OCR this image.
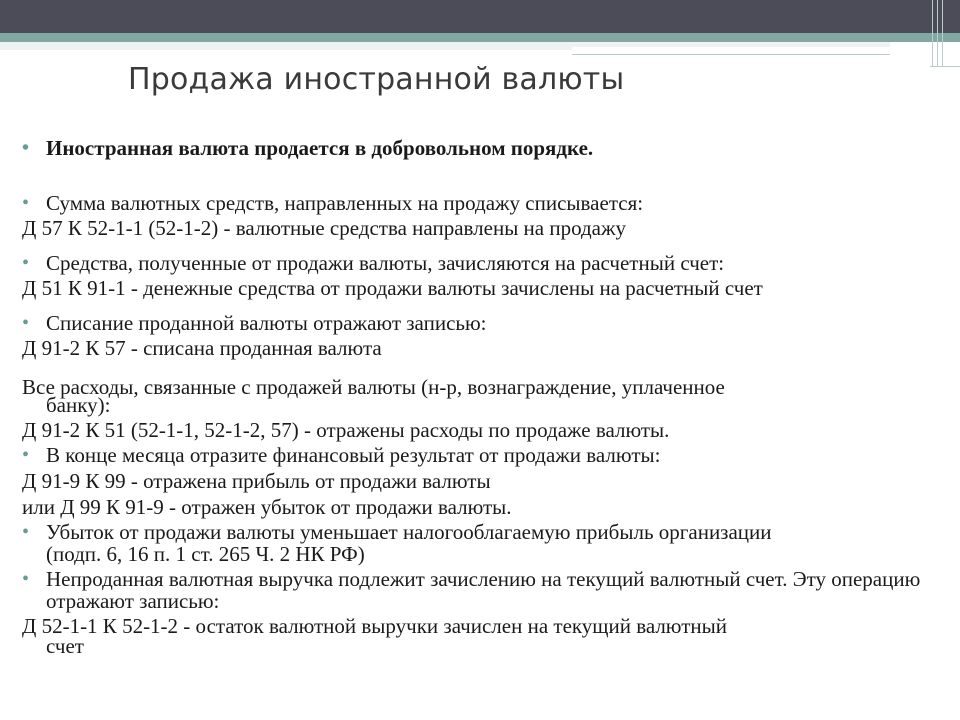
Продажа иностранной валюты
• Иностранная валюта продается в добровольном порядке.
• Сумма валютных средств, направленных на продажу списывается:
Д 57 К 52-1-1 (52-1-2) - валютные средства направлены на продажу
• Средства, полученные от продажи валюты, зачисляются на расчетный счет:
Д 51 К 91-1 - денежные средства от продажи валюты зачислены на расчетный счет
• Списание проданной валюты отражают записью:
Д 91-2 К 57 - списана проданная валюта
Все расходы, связанные с продажей валюты (н-р, вознаграждение, уплаченное
банку):
Д 91-2 К 51 (52-1-1, 52-1-2, 57) - отражены расходы по продаже валюты.
• В конце месяца отразите финансовый результат от продажи валюты:
Д 91-9 К 99 - отражена прибыль от продажи валюты
или Д 99 К 91-9 - отражен убыток от продажи валюты.
• Убыток от продажи валюты уменьшает налогооблагаемую прибыль организации (подп. 6, 16 п. 1 ст. 265 Ч. 2 НК РФ)
• Непроданная валютная выручка подлежит зачислению на текущий валютный счет. Эту операцию отражают записью:
Д 52-1-1 К 52-1-2 - остаток валютной выручки зачислен на текущий валютный
счет
